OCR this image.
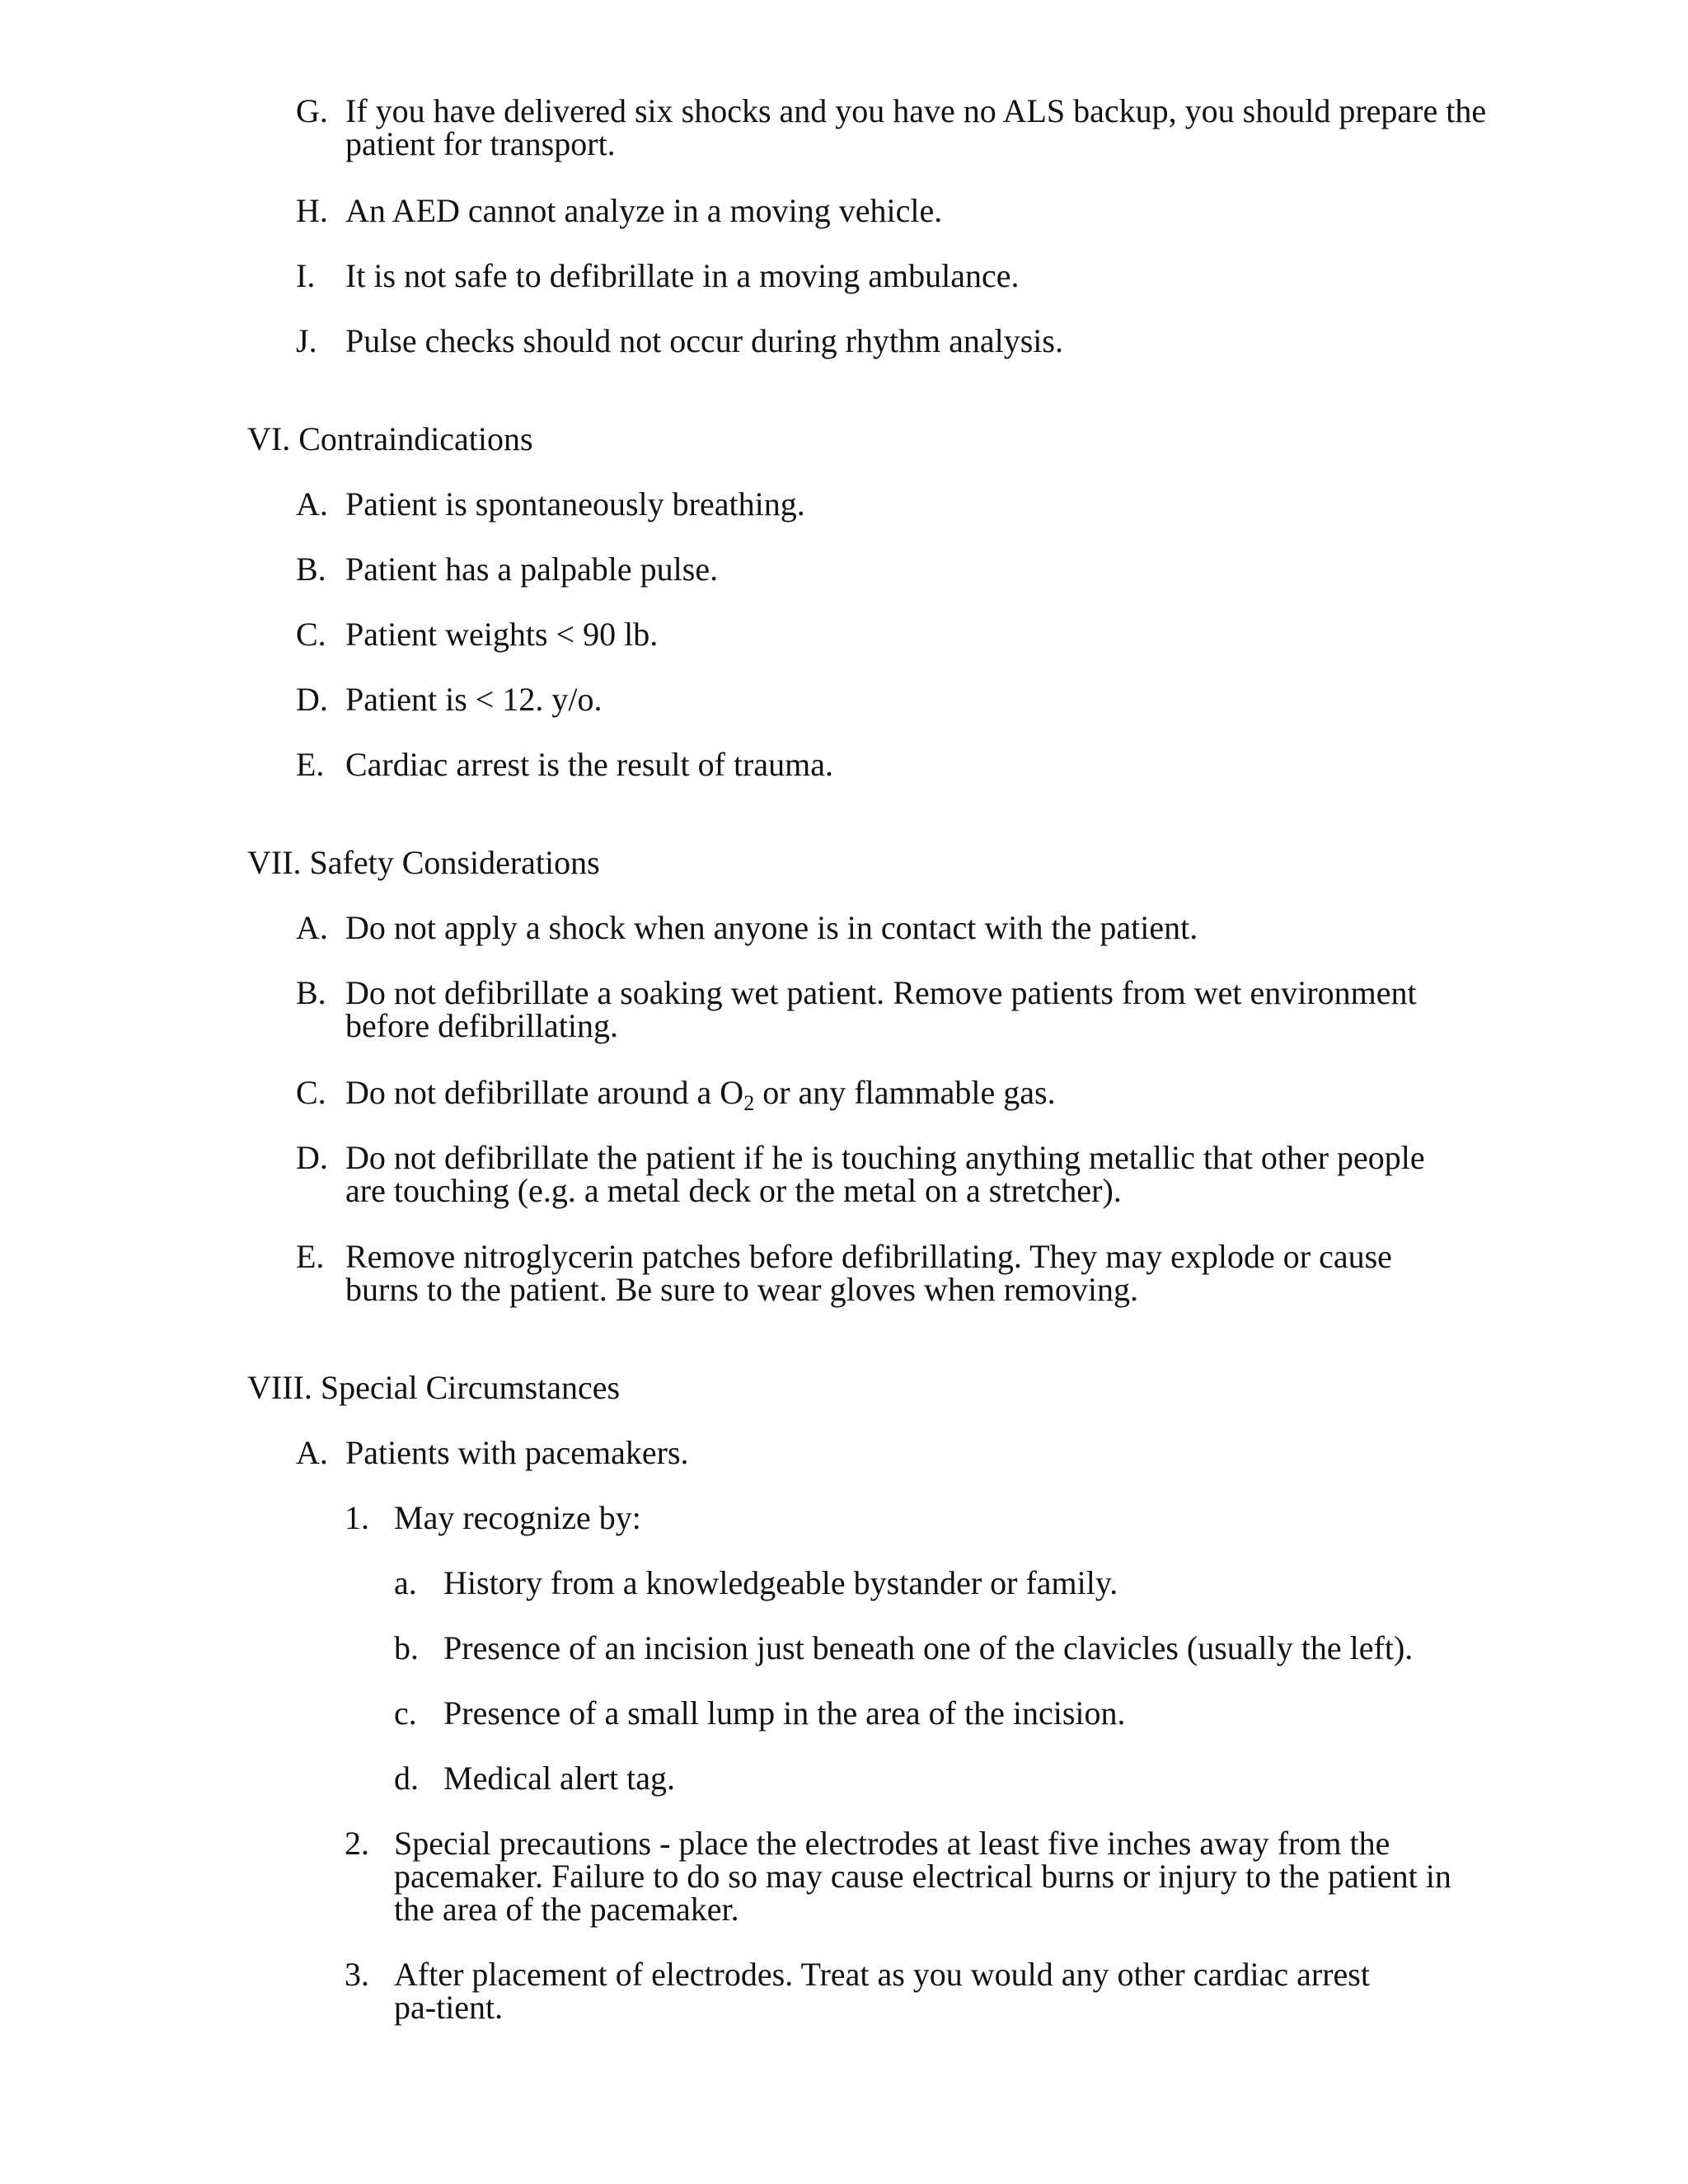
G. If you have delivered six shocks and you have no ALS backup, you should prepare the patient for transport.
H. An AED cannot analyze in a moving vehicle.
I. It is not safe to defibrillate in a moving ambulance.
J. Pulse checks should not occur during rhythm analysis.
VI. Contraindications
A. Patient is spontaneously breathing.
B. Patient has a palpable pulse.
C. Patient weights < 90 lb.
D. Patient is < 12. y/o.
E. Cardiac arrest is the result of trauma.
VII. Safety Considerations
A. Do not apply a shock when anyone is in contact with the patient.
B. Do not defibrillate a soaking wet patient. Remove patients from wet environment before defibrillating.
C. Do not defibrillate around a $O_2$ or any flammable gas.
D. Do not defibrillate the patient if he is touching anything metallic that other people are touching (e.g. a metal deck or the metal on a stretcher).
E. Remove nitroglycerin patches before defibrillating. They may explode or cause burns to the patient. Be sure to wear gloves when removing.
VIII. Special Circumstances
A. Patients with pacemakers.
1. May recognize by:
a. History from a knowledgeable bystander or family.
b. Presence of an incision just beneath one of the clavicles (usually the left).
c. Presence of a small lump in the area of the incision.
d. Medical alert tag.
2. Special precautions - place the electrodes at least five inches away from the pacemaker. Failure to do so may cause electrical burns or injury to the patient in the area of the pacemaker.
3. After placement of electrodes. Treat as you would any other cardiac arrest pa-tient.
